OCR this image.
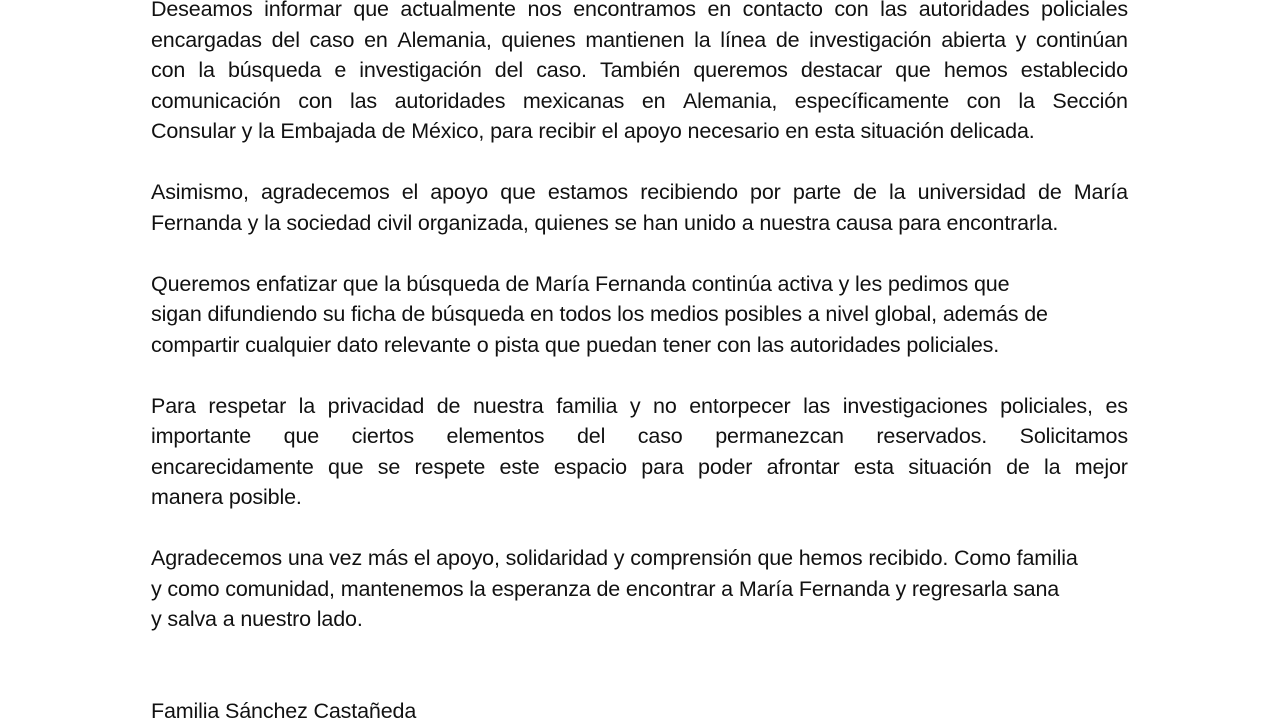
Deseamos informar que actualmente nos encontramos en contacto con las autoridades policiales
encargadas del caso en Alemania, quienes mantienen la línea de investigación abierta y continúan
con la búsqueda e investigación del caso. También queremos destacar que hemos establecido
comunicación con las autoridades mexicanas en Alemania, específicamente con la Sección
Consular y la Embajada de México, para recibir el apoyo necesario en esta situación delicada.

Asimismo, agradecemos el apoyo que estamos recibiendo por parte de la universidad de María
Fernanda y la sociedad civil organizada, quienes se han unido a nuestra causa para encontrarla.

Queremos enfatizar que la búsqueda de María Fernanda continúa activa y les pedimos que
sigan difundiendo su ficha de búsqueda en todos los medios posibles a nivel global, además de
compartir cualquier dato relevante o pista que puedan tener con las autoridades policiales.

Para respetar la privacidad de nuestra familia y no entorpecer las investigaciones policiales, es
importante que ciertos elementos del caso permanezcan reservados. Solicitamos
encarecidamente que se respete este espacio para poder afrontar esta situación de la mejor
manera posible.

Agradecemos una vez más el apoyo, solidaridad y comprensión que hemos recibido. Como familia
y como comunidad, mantenemos la esperanza de encontrar a María Fernanda y regresarla sana
y salva a nuestro lado.

Familia Sánchez Castañeda
